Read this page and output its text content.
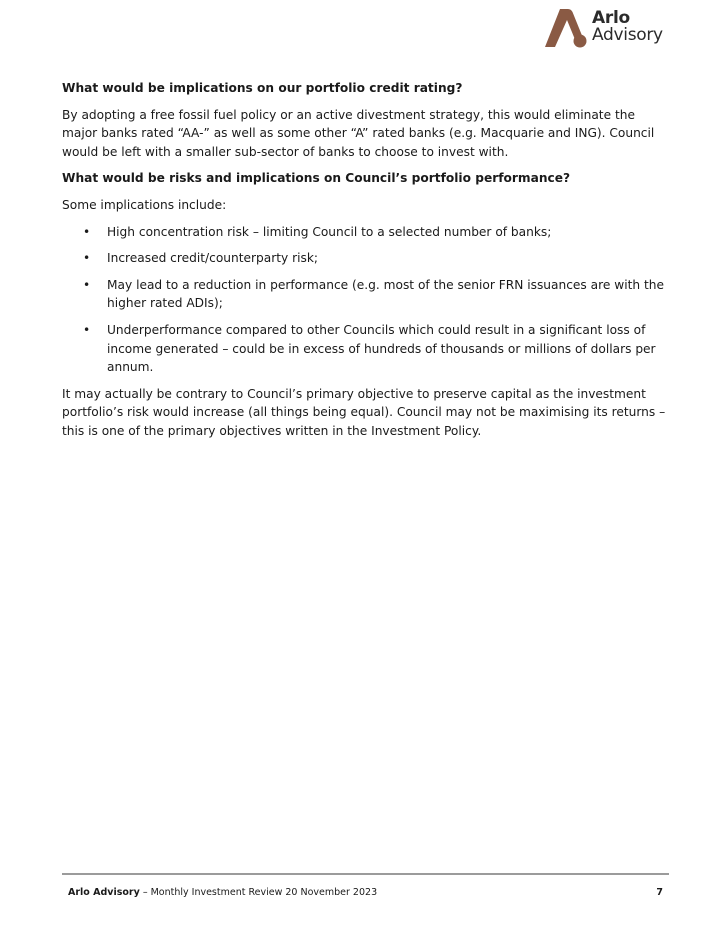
Arlo
Advisory

What would be implications on our portfolio credit rating?

By adopting a free fossil fuel policy or an active divestment strategy, this would eliminate the major banks rated “AA-” as well as some other “A” rated banks (e.g. Macquarie and ING). Council would be left with a smaller sub-sector of banks to choose to invest with.

What would be risks and implications on Council’s portfolio performance?

Some implications include:

• High concentration risk – limiting Council to a selected number of banks;
• Increased credit/counterparty risk;
• May lead to a reduction in performance (e.g. most of the senior FRN issuances are with the higher rated ADIs);
• Underperformance compared to other Councils which could result in a significant loss of income generated – could be in excess of hundreds of thousands or millions of dollars per annum.

It may actually be contrary to Council’s primary objective to preserve capital as the investment portfolio’s risk would increase (all things being equal). Council may not be maximising its returns – this is one of the primary objectives written in the Investment Policy.

Arlo Advisory – Monthly Investment Review 20 November 2023	7
